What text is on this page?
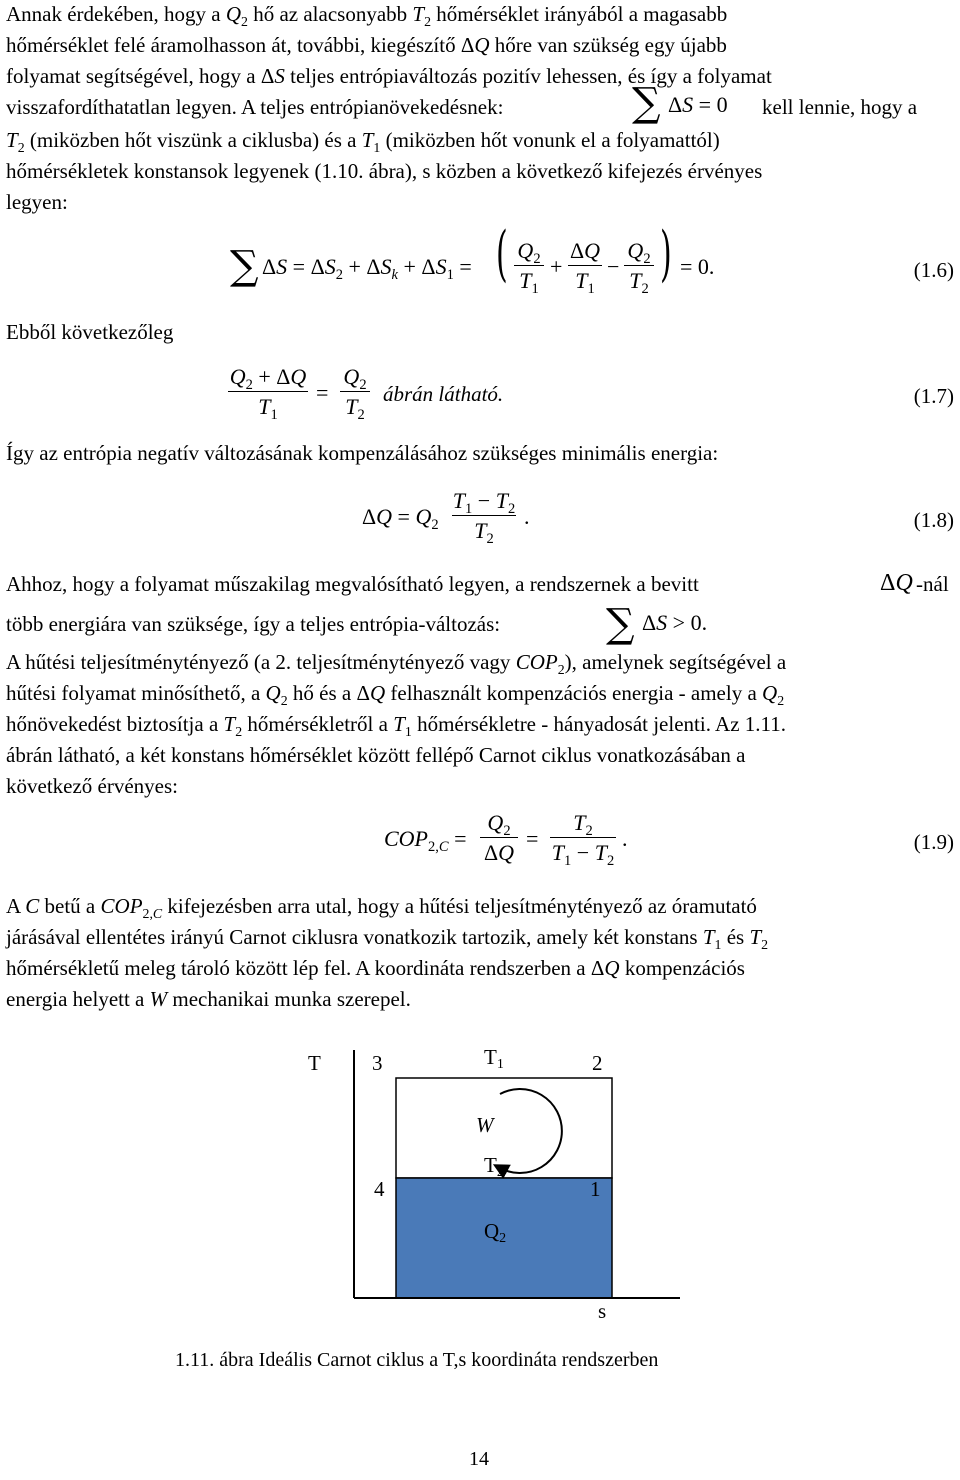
Annak érdekében, hogy a $Q_2$ hő az alacsonyabb $T_2$ hőmérséklet irányából a magasabb
hőmérséklet felé áramolhasson át, további, kiegészítő ΔQ hőre van szükség egy újabb
folyamat segítségével, hogy a ΔS teljes entrópiaváltozás pozitív lehessen, és így a folyamat
visszafordíthatatlan legyen. A teljes entrópianövekedésnek:	∑ ΔS = 0 kell lennie, hogy a
$T_2$ (miközben hőt viszünk a ciklusba) és a $T_1$ (miközben hőt vonunk el a folyamattól)
hőmérsékletek konstansok legyenek (1.10. ábra), s közben a következő kifejezés érvényes
legyen:
∑ $\Delta S = \Delta S_2 + \Delta S_k + \Delta S_1$ = ( $Q_2$
$T_1$
+
ΔQ
$T_1$
−
$Q_2$
$T_2$
) = 0.	(1.6)
Ebből következőleg
$Q_2 + \Delta Q$
$T_1$
=
$Q_2$
$T_2$
ábrán látható.	(1.7)
Így az entrópia negatív változásának kompenzálásához szükséges minimális energia:
$\Delta Q = Q_2$
$T_1 - T_2$
$T_2$
.	(1.8)
Ahhoz, hogy a folyamat műszakilag megvalósítható legyen, a rendszernek a bevitt	ΔQ -nál
több energiára van szüksége, így a teljes entrópia-változás:	∑ ΔS > 0.
A hűtési teljesítménytényező (a 2. teljesítménytényező vagy $COP_2$), amelynek segítségével a
hűtési folyamat minősíthető, a $Q_2$ hő és a ΔQ felhasznált kompenzációs energia - amely a $Q_2$
hőnövekedést biztosítja a $T_2$ hőmérsékletről a $T_1$ hőmérsékletre - hányadosát jelenti. Az 1.11.
ábrán látható, a két konstans hőmérséklet között fellépő Carnot ciklus vonatkozásában a
következő érvényes:
$COP_{2,C}$ =
$Q_2$
ΔQ
=
$T_2$
$T_1 - T_2$
.	(1.9)
A C betű a $COP_{2,C}$ kifejezésben arra utal, hogy a hűtési teljesítménytényező az óramutató
járásával ellentétes irányú Carnot ciklusra vonatkozik tartozik, amely két konstans $T_1$ és $T_2$
hőmérsékletű meleg tároló között lép fel. A koordináta rendszerben a ΔQ kompenzációs
energia helyett a W mechanikai munka szerepel.
T 3	2
T1
W
4	1
T2
Q2
s
1.11. ábra Ideális Carnot ciklus a T,s koordináta rendszerben
14
